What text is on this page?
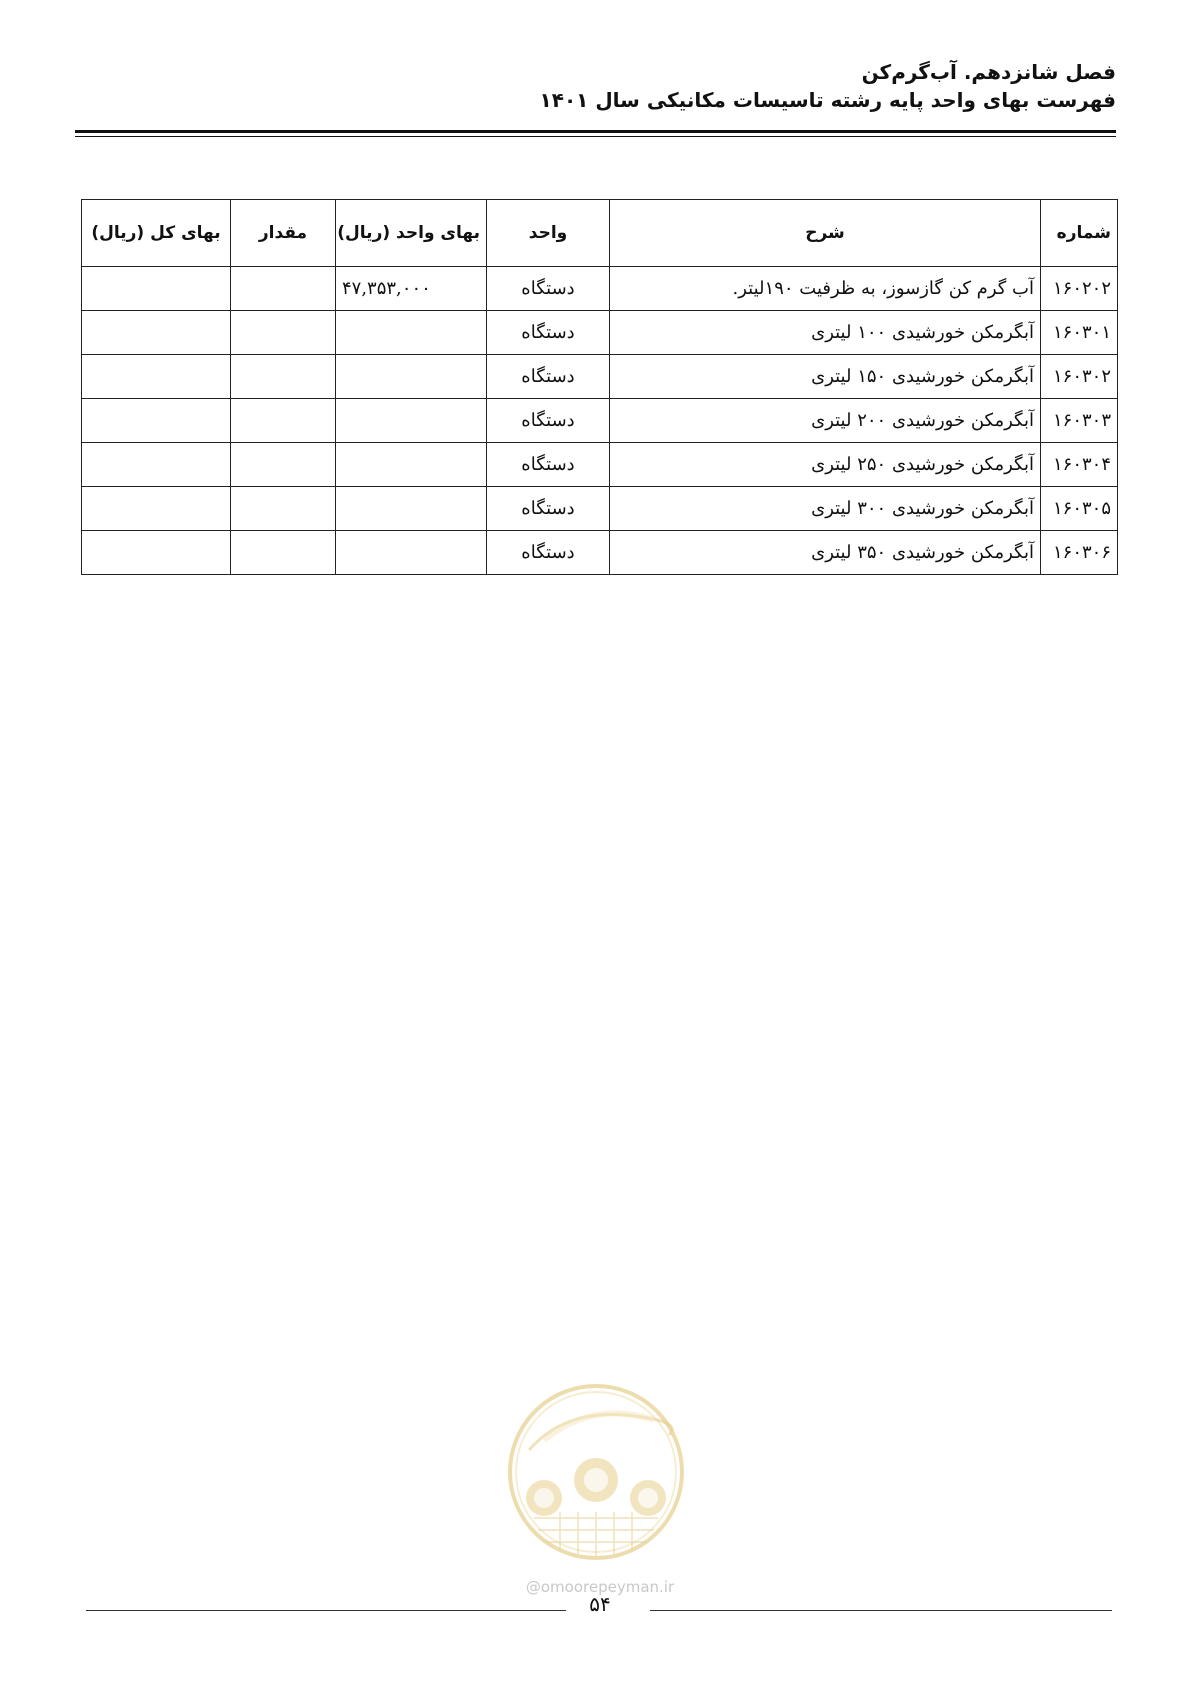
فصل شانزدهم. آب‌گرم‌کن
فهرست بهای واحد پایه رشته تاسیسات مکانیکی سال ۱۴۰۱
شماره	شرح	واحد	بهای واحد (ریال)	مقدار	بهای کل (ریال)
۱۶۰۲۰۲	آب گرم کن گازسوز، به ظرفیت ۱۹۰لیتر.	دستگاه	۴۷,۳۵۳,۰۰۰		
۱۶۰۳۰۱	آبگرمکن خورشیدی ۱۰۰ لیتری	دستگاه			
۱۶۰۳۰۲	آبگرمکن خورشیدی ۱۵۰ لیتری	دستگاه			
۱۶۰۳۰۳	آبگرمکن خورشیدی ۲۰۰ لیتری	دستگاه			
۱۶۰۳۰۴	آبگرمکن خورشیدی ۲۵۰ لیتری	دستگاه			
۱۶۰۳۰۵	آبگرمکن خورشیدی ۳۰۰ لیتری	دستگاه			
۱۶۰۳۰۶	آبگرمکن خورشیدی ۳۵۰ لیتری	دستگاه			
@omoorepeyman.ir
۵۴
